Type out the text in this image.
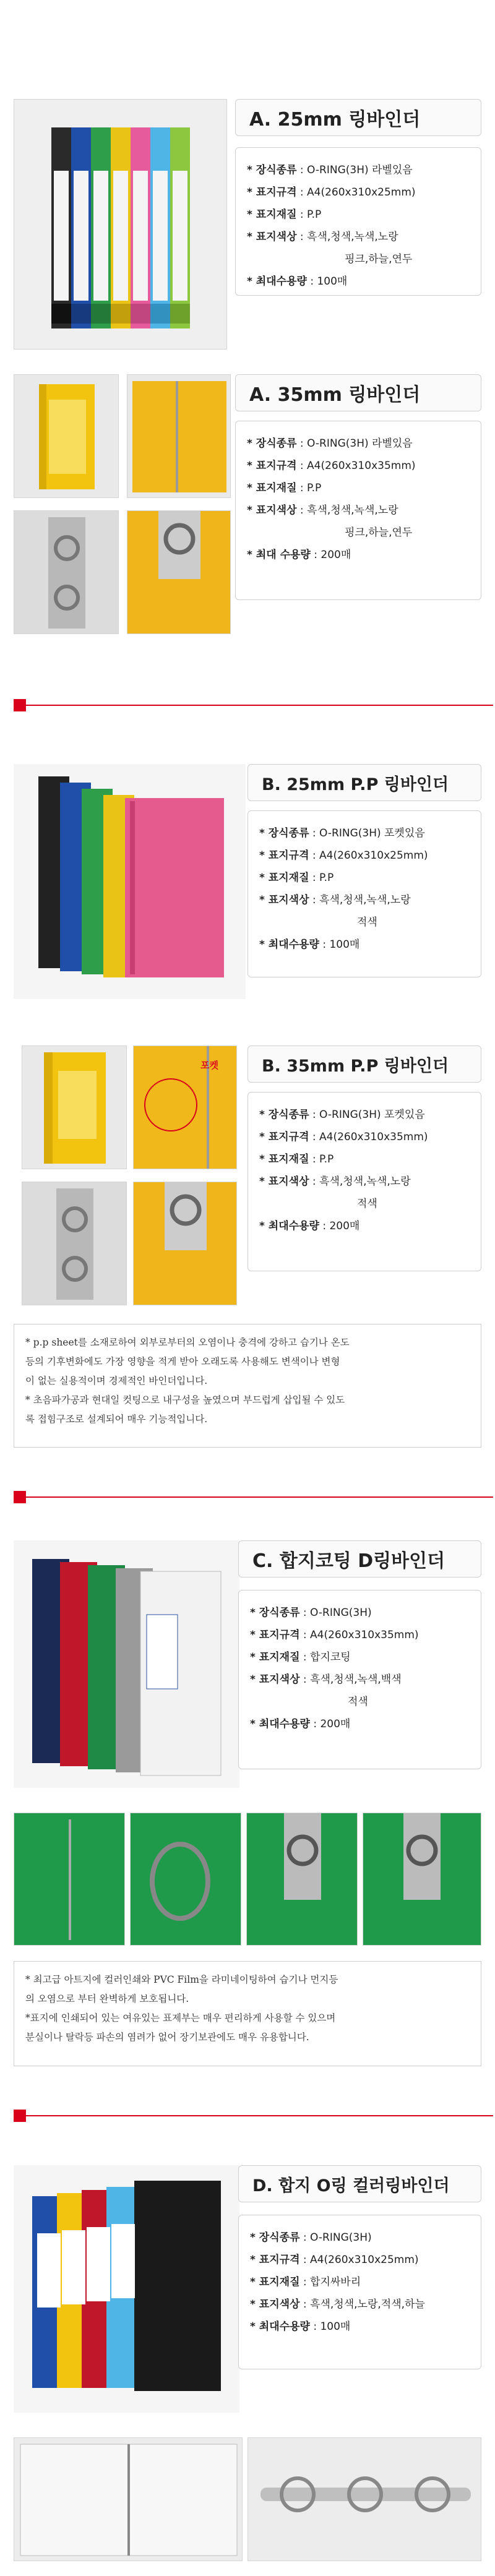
A. 25mm 링바인더
* 장식종류 : O-RING(3H) 라벨있음
* 표지규격 : A4(260x310x25mm)
* 표지재질 : P.P
* 표지색상 : 흑색,청색,녹색,노랑
핑크,하늘,연두
* 최대수용량 : 100매
A. 35mm 링바인더
* 장식종류 : O-RING(3H) 라벨있음
* 표지규격 : A4(260x310x35mm)
* 표지재질 : P.P
* 표지색상 : 흑색,청색,녹색,노랑
핑크,하늘,연두
* 최대 수용량 : 200매
B. 25mm P.P 링바인더
* 장식종류 : O-RING(3H) 포켓있음
* 표지규격 : A4(260x310x25mm)
* 표지재질 : P.P
* 표지색상 : 흑색,청색,녹색,노랑
적색
* 최대수용량 : 100매
포켓	B. 35mm P.P 링바인더
* 장식종류 : O-RING(3H) 포켓있음
* 표지규격 : A4(260x310x35mm)
* 표지재질 : P.P
* 표지색상 : 흑색,청색,녹색,노랑
적색
* 최대수용량 : 200매
* p.p sheet를 소재로하여 외부로부터의 오염이나 충격에 강하고 습기나 온도
등의 기후변화에도 가장 영향을 적게 받아 오래도록 사용해도 변색이나 변형
이 없는 실용적이며 경제적인 바인더입니다.
* 초음파가공과 현대일 컷팅으로 내구성을 높였으며 부드럽게 삽입될 수 있도
록 접힘구조로 설계되어 매우 기능적입니다.
C. 합지코팅 D링바인더
* 장식종류 : O-RING(3H)
* 표지규격 : A4(260x310x35mm)
* 표지재질 : 합지코팅
* 표지색상 : 흑색,청색,녹색,백색
적색
* 최대수용량 : 200매
* 최고급 아트지에 컬러인쇄와 PVC Film을 라미네이팅하여 습기나 먼지등
의 오염으로 부터 완벽하게 보호됩니다.
*표지에 인쇄되어 있는 여유있는 표제부는 매우 편리하게 사용할 수 있으며
분실이나 탈락등 파손의 염려가 없어 장기보관에도 매우 유용합니다.
D. 합지 O링 컬러링바인더
* 장식종류 : O-RING(3H)
* 표지규격 : A4(260x310x25mm)
* 표지재질 : 합지싸바리
* 표지색상 : 흑색,청색,노랑,적색,하늘
* 최대수용량 : 100매
